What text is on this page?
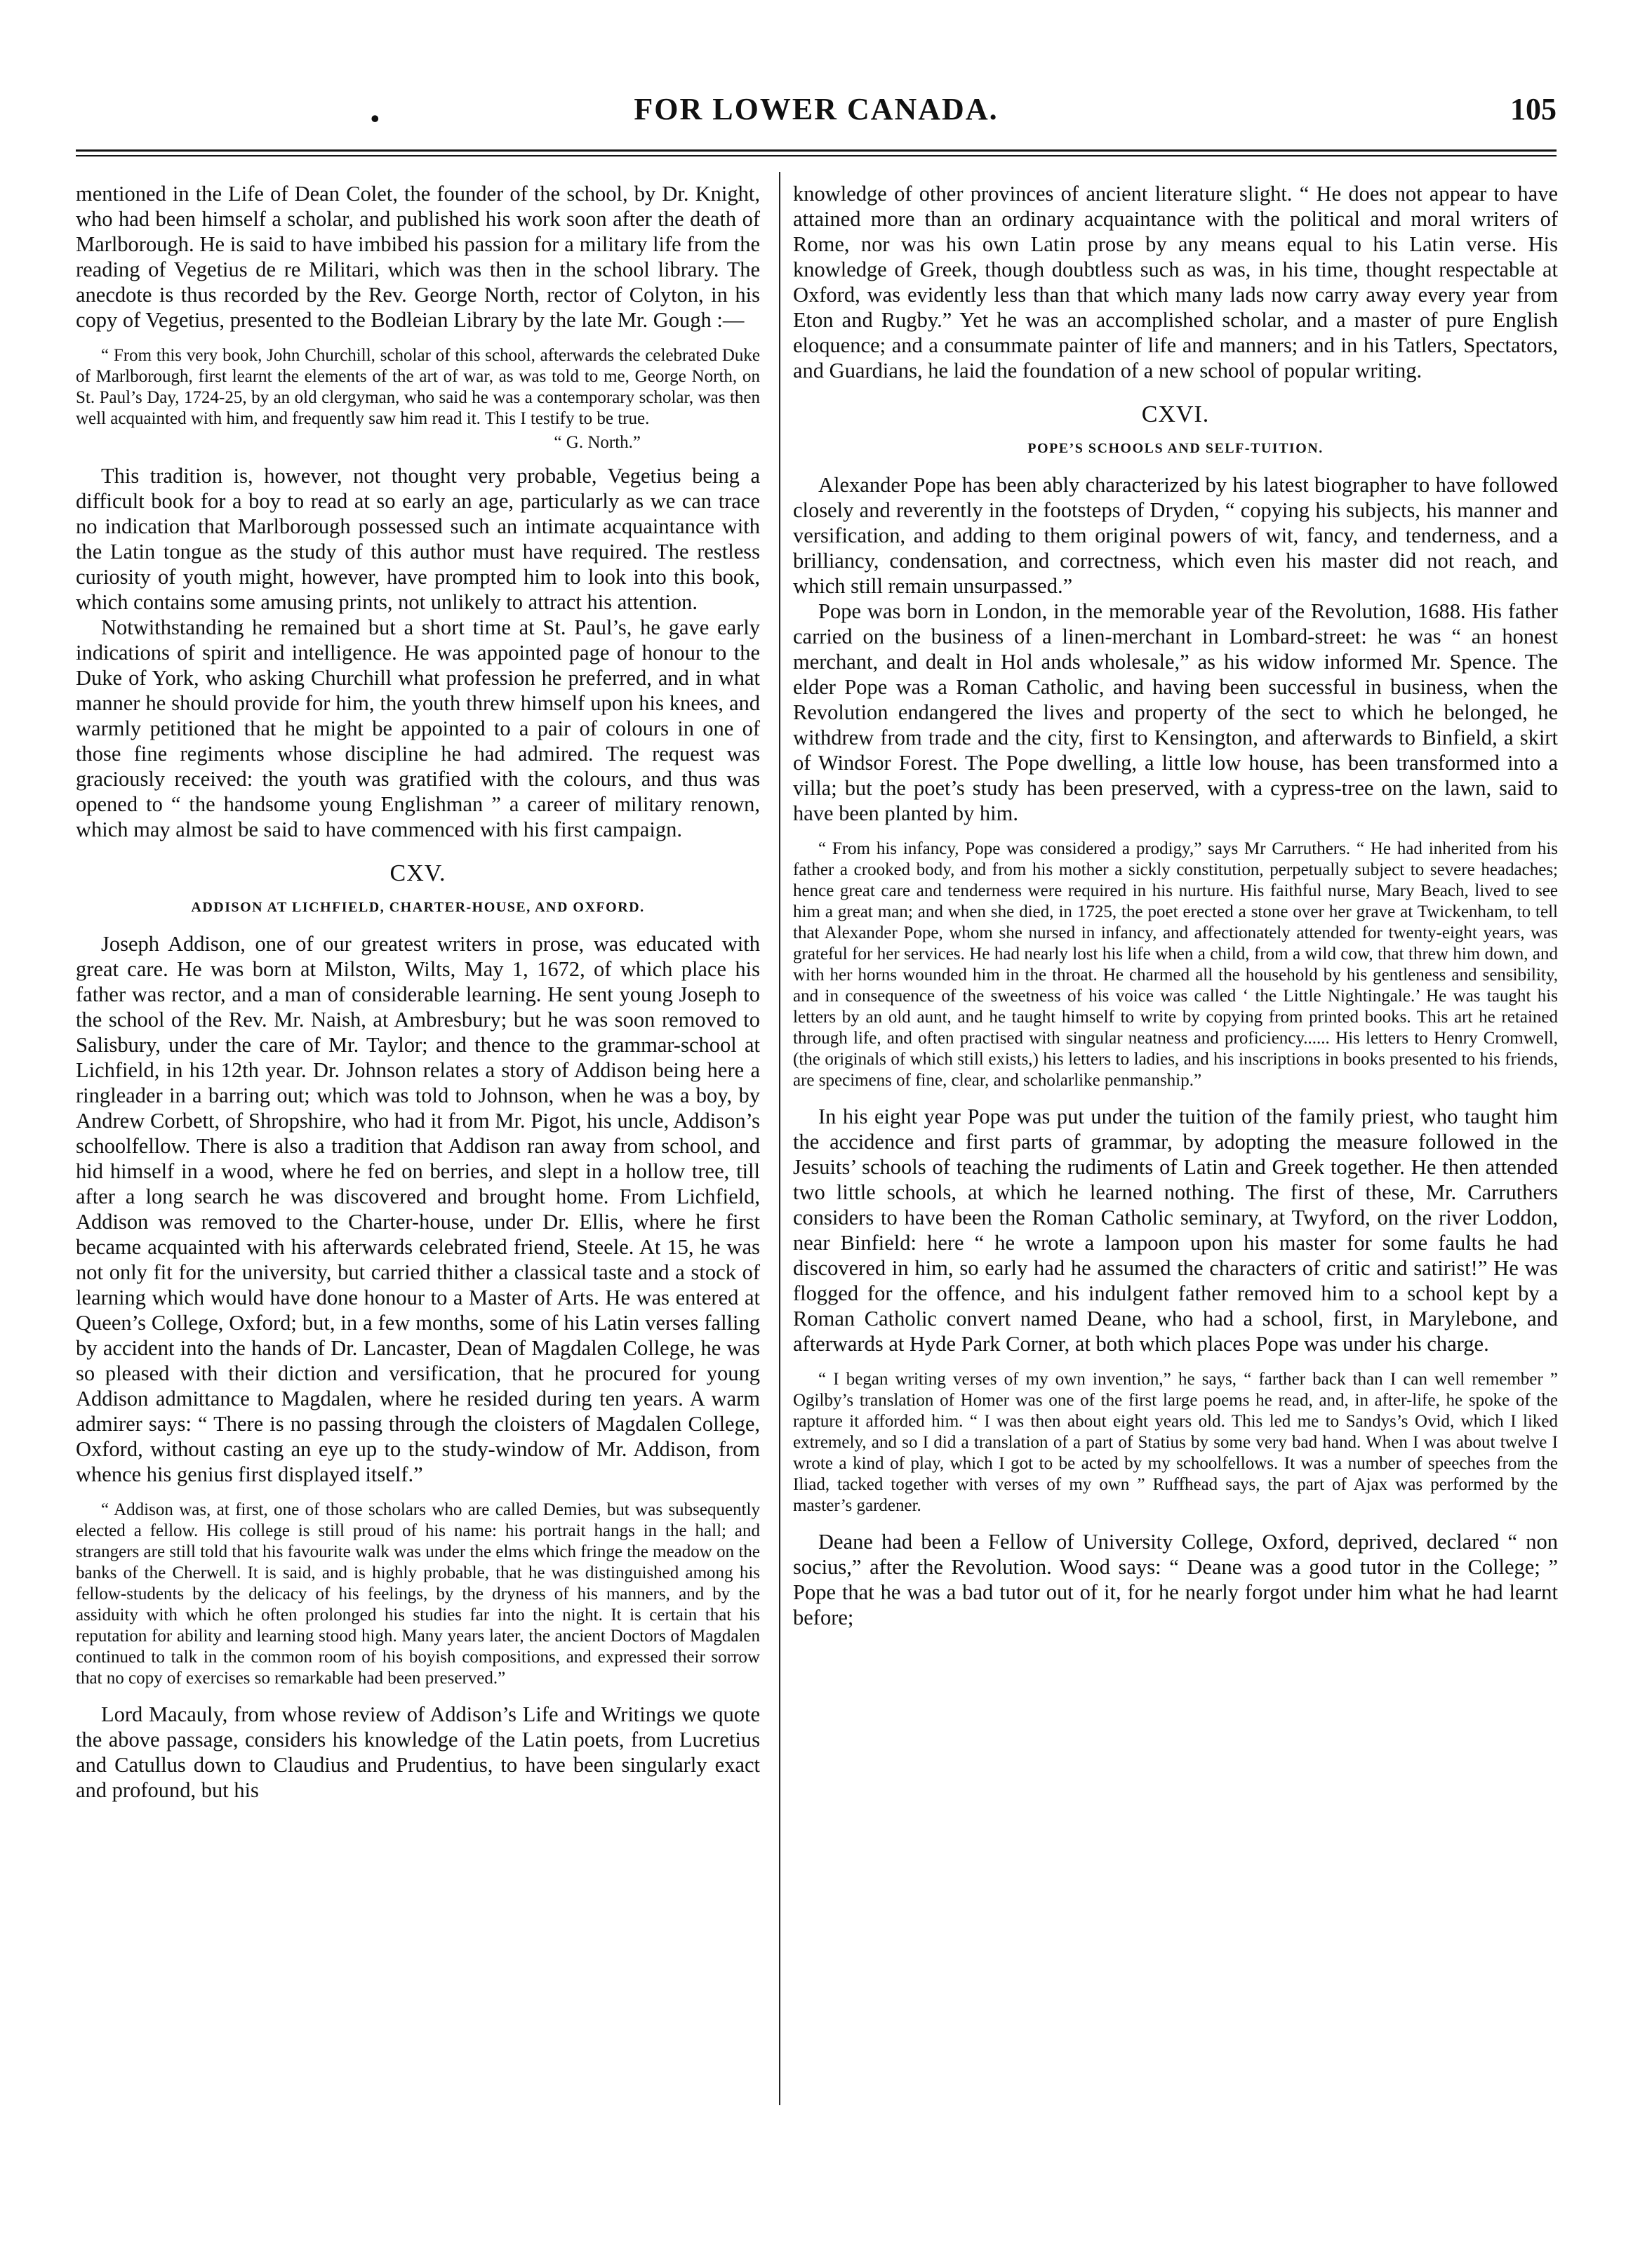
•	FOR LOWER CANADA.	105

mentioned in the Life of Dean Colet, the founder of the school, by Dr. Knight, who had been himself a scholar, and published his work soon after the death of Marlborough. He is said to have imbibed his passion for a military life from the reading of Vegetius de re Militari, which was then in the school library. The anecdote is thus recorded by the Rev. George North, rector of Colyton, in his copy of Vegetius, presented to the Bodleian Library by the late Mr. Gough :—

“ From this very book, John Churchill, scholar of this school, afterwards the celebrated Duke of Marlborough, first learnt the elements of the art of war, as was told to me, George North, on St. Paul’s Day, 1724-25, by an old clergyman, who said he was a contemporary scholar, was then well acquainted with him, and frequently saw him read it. This I testify to be true.

“ G. North.”

This tradition is, however, not thought very probable, Vegetius being a difficult book for a boy to read at so early an age, particularly as we can trace no indication that Marlborough possessed such an intimate acquaintance with the Latin tongue as the study of this author must have required. The restless curiosity of youth might, however, have prompted him to look into this book, which contains some amusing prints, not unlikely to attract his attention.

Notwithstanding he remained but a short time at St. Paul’s, he gave early indications of spirit and intelligence. He was appointed page of honour to the Duke of York, who asking Churchill what profession he preferred, and in what manner he should provide for him, the youth threw himself upon his knees, and warmly petitioned that he might be appointed to a pair of colours in one of those fine regiments whose discipline he had admired. The request was graciously received: the youth was gratified with the colours, and thus was opened to “ the handsome young Englishman ” a career of military renown, which may almost be said to have commenced with his first campaign.

CXV.
ADDISON AT LICHFIELD, CHARTER-HOUSE, AND OXFORD.

Joseph Addison, one of our greatest writers in prose, was educated with great care. He was born at Milston, Wilts, May 1, 1672, of which place his father was rector, and a man of considerable learning. He sent young Joseph to the school of the Rev. Mr. Naish, at Ambresbury; but he was soon removed to Salisbury, under the care of Mr. Taylor; and thence to the grammar-school at Lichfield, in his 12th year. Dr. Johnson relates a story of Addison being here a ringleader in a barring out; which was told to Johnson, when he was a boy, by Andrew Corbett, of Shropshire, who had it from Mr. Pigot, his uncle, Addison’s schoolfellow. There is also a tradition that Addison ran away from school, and hid himself in a wood, where he fed on berries, and slept in a hollow tree, till after a long search he was discovered and brought home. From Lichfield, Addison was removed to the Charter-house, under Dr. Ellis, where he first became acquainted with his afterwards celebrated friend, Steele. At 15, he was not only fit for the university, but carried thither a classical taste and a stock of learning which would have done honour to a Master of Arts. He was entered at Queen’s College, Oxford; but, in a few months, some of his Latin verses falling by accident into the hands of Dr. Lancaster, Dean of Magdalen College, he was so pleased with their diction and versification, that he procured for young Addison admittance to Magdalen, where he resided during ten years. A warm admirer says: “ There is no passing through the cloisters of Magdalen College, Oxford, without casting an eye up to the study-window of Mr. Addison, from whence his genius first displayed itself.”

“ Addison was, at first, one of those scholars who are called Demies, but was subsequently elected a fellow. His college is still proud of his name: his portrait hangs in the hall; and strangers are still told that his favourite walk was under the elms which fringe the meadow on the banks of the Cherwell. It is said, and is highly probable, that he was distinguished among his fellow-students by the delicacy of his feelings, by the dryness of his manners, and by the assiduity with which he often prolonged his studies far into the night. It is certain that his reputation for ability and learning stood high. Many years later, the ancient Doctors of Magdalen continued to talk in the common room of his boyish compositions, and expressed their sorrow that no copy of exercises so remarkable had been preserved.”

Lord Macauly, from whose review of Addison’s Life and Writings we quote the above passage, considers his knowledge of the Latin poets, from Lucretius and Catullus down to Claudius and Prudentius, to have been singularly exact and profound, but his

knowledge of other provinces of ancient literature slight. “ He does not appear to have attained more than an ordinary acquaintance with the political and moral writers of Rome, nor was his own Latin prose by any means equal to his Latin verse. His knowledge of Greek, though doubtless such as was, in his time, thought respectable at Oxford, was evidently less than that which many lads now carry away every year from Eton and Rugby.” Yet he was an accomplished scholar, and a master of pure English eloquence; and a consummate painter of life and manners; and in his Tatlers, Spectators, and Guardians, he laid the foundation of a new school of popular writing.

CXVI.
POPE’S SCHOOLS AND SELF-TUITION.

Alexander Pope has been ably characterized by his latest biographer to have followed closely and reverently in the footsteps of Dryden, “ copying his subjects, his manner and versification, and adding to them original powers of wit, fancy, and tenderness, and a brilliancy, condensation, and correctness, which even his master did not reach, and which still remain unsurpassed.”

Pope was born in London, in the memorable year of the Revolution, 1688. His father carried on the business of a linen-merchant in Lombard-street: he was “ an honest merchant, and dealt in Hol ands wholesale,” as his widow informed Mr. Spence. The elder Pope was a Roman Catholic, and having been successful in business, when the Revolution endangered the lives and property of the sect to which he belonged, he withdrew from trade and the city, first to Kensington, and afterwards to Binfield, a skirt of Windsor Forest. The Pope dwelling, a little low house, has been transformed into a villa; but the poet’s study has been preserved, with a cypress-tree on the lawn, said to have been planted by him.

“ From his infancy, Pope was considered a prodigy,” says Mr Carruthers. “ He had inherited from his father a crooked body, and from his mother a sickly constitution, perpetually subject to severe headaches; hence great care and tenderness were required in his nurture. His faithful nurse, Mary Beach, lived to see him a great man; and when she died, in 1725, the poet erected a stone over her grave at Twickenham, to tell that Alexander Pope, whom she nursed in infancy, and affectionately attended for twenty-eight years, was grateful for her services. He had nearly lost his life when a child, from a wild cow, that threw him down, and with her horns wounded him in the throat. He charmed all the household by his gentleness and sensibility, and in consequence of the sweetness of his voice was called ‘ the Little Nightingale.’ He was taught his letters by an old aunt, and he taught himself to write by copying from printed books. This art he retained through life, and often practised with singular neatness and proficiency...... His letters to Henry Cromwell, (the originals of which still exists,) his letters to ladies, and his inscriptions in books presented to his friends, are specimens of fine, clear, and scholarlike penmanship.”

In his eight year Pope was put under the tuition of the family priest, who taught him the accidence and first parts of grammar, by adopting the measure followed in the Jesuits’ schools of teaching the rudiments of Latin and Greek together. He then attended two little schools, at which he learned nothing. The first of these, Mr. Carruthers considers to have been the Roman Catholic seminary, at Twyford, on the river Loddon, near Binfield: here “ he wrote a lampoon upon his master for some faults he had discovered in him, so early had he assumed the characters of critic and satirist!” He was flogged for the offence, and his indulgent father removed him to a school kept by a Roman Catholic convert named Deane, who had a school, first, in Marylebone, and afterwards at Hyde Park Corner, at both which places Pope was under his charge.

“ I began writing verses of my own invention,” he says, “ farther back than I can well remember ” Ogilby’s translation of Homer was one of the first large poems he read, and, in after-life, he spoke of the rapture it afforded him. “ I was then about eight years old. This led me to Sandys’s Ovid, which I liked extremely, and so I did a translation of a part of Statius by some very bad hand. When I was about twelve I wrote a kind of play, which I got to be acted by my schoolfellows. It was a number of speeches from the Iliad, tacked together with verses of my own ” Ruffhead says, the part of Ajax was performed by the master’s gardener.

Deane had been a Fellow of University College, Oxford, deprived, declared “ non socius,” after the Revolution. Wood says: “ Deane was a good tutor in the College; ” Pope that he was a bad tutor out of it, for he nearly forgot under him what he had learnt before;
